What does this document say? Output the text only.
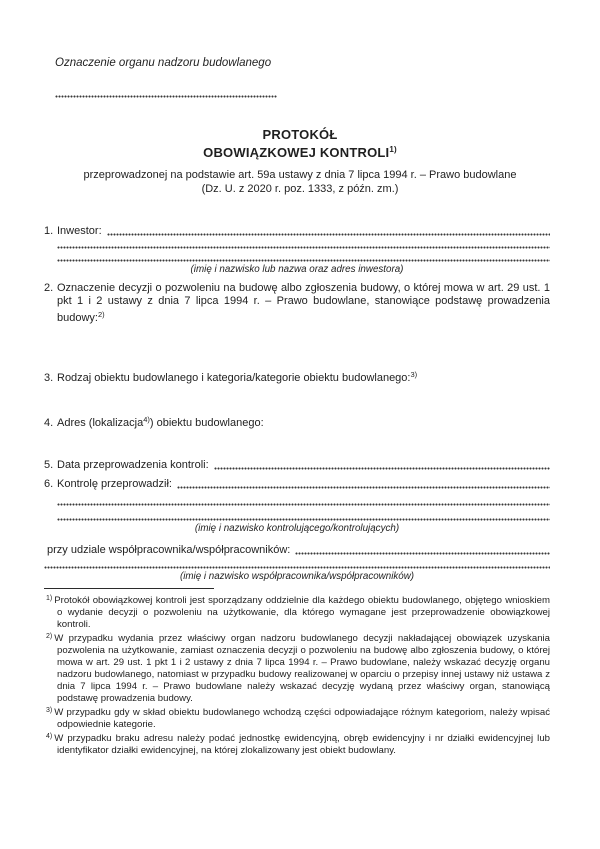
Oznaczenie organu nadzoru budowlanego
PROTOKÓŁ
OBOWIĄZKOWEJ KONTROLI$^{1)}$
przeprowadzonej na podstawie art. 59a ustawy z dnia 7 lipca 1994 r. – Prawo budowlane
(Dz. U. z 2020 r. poz. 1333, z późn. zm.)
1. Inwestor:
(imię i nazwisko lub nazwa oraz adres inwestora)
2. Oznaczenie decyzji o pozwoleniu na budowę albo zgłoszenia budowy, o której mowa w art. 29 ust. 1 pkt 1 i 2 ustawy z dnia 7 lipca 1994 r. – Prawo budowlane, stanowiące podstawę prowadzenia budowy:$^{2)}$
3. Rodzaj obiektu budowlanego i kategoria/kategorie obiektu budowlanego:$^{3)}$
4. Adres (lokalizacja$^{4)}$) obiektu budowlanego:
5. Data przeprowadzenia kontroli:
6. Kontrolę przeprowadził:
(imię i nazwisko kontrolującego/kontrolujących)
przy udziale współpracownika/współpracowników:
(imię i nazwisko współpracownika/współpracowników)
$^{1)}$ Protokół obowiązkowej kontroli jest sporządzany oddzielnie dla każdego obiektu budowlanego, objętego wnioskiem o wydanie decyzji o pozwoleniu na użytkowanie, dla którego wymagane jest przeprowadzenie obowiązkowej kontroli.
$^{2)}$ W przypadku wydania przez właściwy organ nadzoru budowlanego decyzji nakładającej obowiązek uzyskania pozwolenia na użytkowanie, zamiast oznaczenia decyzji o pozwoleniu na budowę albo zgłoszenia budowy, o której mowa w art. 29 ust. 1 pkt 1 i 2 ustawy z dnia 7 lipca 1994 r. – Prawo budowlane, należy wskazać decyzję organu nadzoru budowlanego, natomiast w przypadku budowy realizowanej w oparciu o przepisy innej ustawy niż ustawa z dnia 7 lipca 1994 r. – Prawo budowlane należy wskazać decyzję wydaną przez właściwy organ, stanowiącą podstawę prowadzenia budowy.
$^{3)}$ W przypadku gdy w skład obiektu budowlanego wchodzą części odpowiadające różnym kategoriom, należy wpisać odpowiednie kategorie.
$^{4)}$ W przypadku braku adresu należy podać jednostkę ewidencyjną, obręb ewidencyjny i nr działki ewidencyjnej lub identyfikator działki ewidencyjnej, na której zlokalizowany jest obiekt budowlany.
